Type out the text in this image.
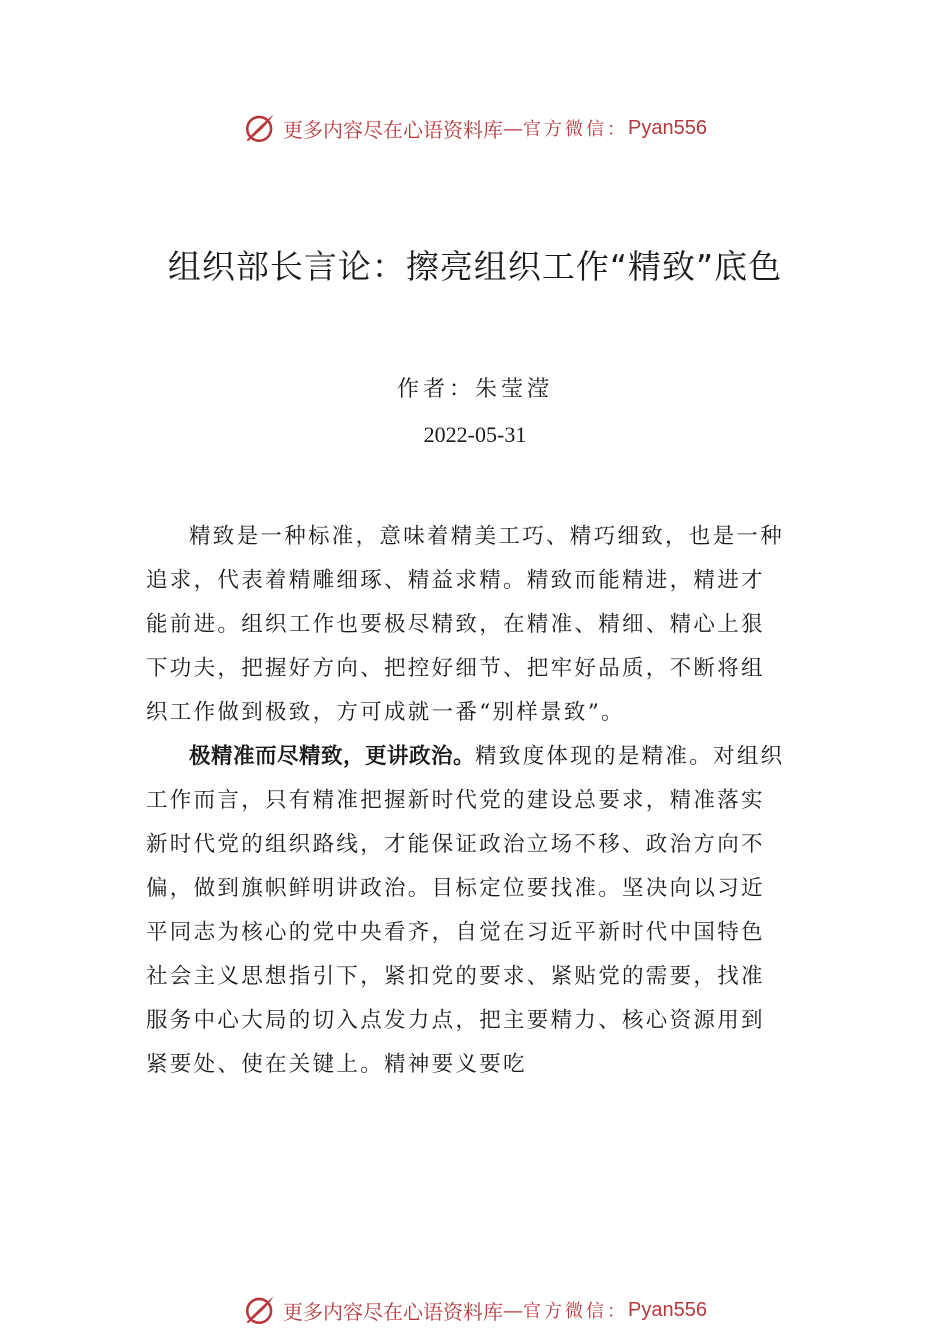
更多内容尽在心语资料库 — 官方微信： Pyan556
组织部长言论：擦亮组织工作“精致”底色
作者：朱莹滢
2022-05-31

精致是一种标准，意味着精美工巧、精巧细致，也是一种追求，代表着精雕细琢、精益求精。精致而能精进，精进才能前进。组织工作也要极尽精致，在精准、精细、精心上狠下功夫，把握好方向、把控好细节、把牢好品质，不断将组织工作做到极致，方可成就一番“别样景致”。

极精准而尽精致，更讲政治。精致度体现的是精准。对组织工作而言，只有精准把握新时代党的建设总要求，精准落实新时代党的组织路线，才能保证政治立场不移、政治方向不偏，做到旗帜鲜明讲政治。目标定位要找准。坚决向以习近平同志为核心的党中央看齐，自觉在习近平新时代中国特色社会主义思想指引下，紧扣党的要求、紧贴党的需要，找准服务中心大局的切入点发力点，把主要精力、核心资源用到紧要处、使在关键上。精神要义要吃

更多内容尽在心语资料库 — 官方微信： Pyan556
